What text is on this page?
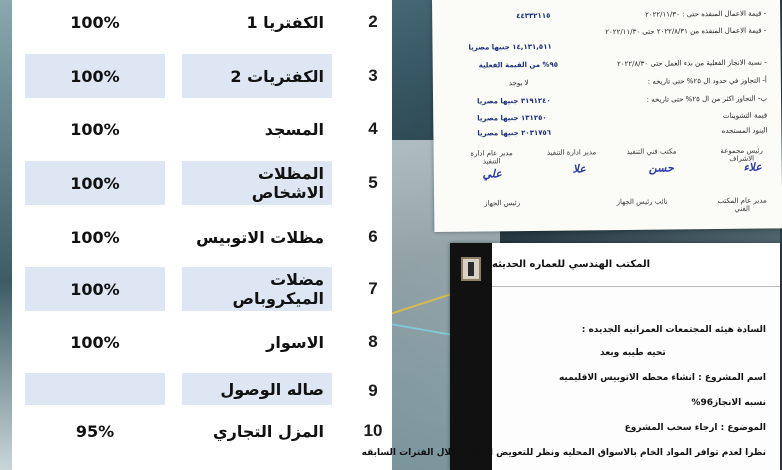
2
الكفتريا 1
100%
3
الكفتريات 2
100%
4
المسجد
100%
5
المظلات الاشخاص
100%
6
مظلات الاتوبيس
100%
7
مضلات الميكروباص
100%
8
الاسوار
100%
9
صاله الوصول
10
المزل التجاري
95%
- قيمة الاعمال المنفذه حتى : ٢٠٢٢/١١/٣٠
٤٤٣٣٢١١٥
- قيمة الاعمال المنفذه من ٢٠٢٢/٨/٣١ حتى ٢٠٢٢/١١/٣٠
١٤,١٣١,٥١١ جنيها مصريا
- نسبة الانجاز الفعلية من بدء العمل حتى ٢٠٢٢/٨/٣٠
٩٥% من القيمة الفعلية
أ- التجاوز في حدود ال ٢٥% حتى تاريخه :
لا يوجد
ب- التجاوز اكثر من ال ٢٥% حتى تاريخه :
٣١٩١٢٤٠ جنيها مصريا
قيمة التشوينات
١٣١٢٥٠ جنيها مصريا
البنود المستجده
٢٠٣١٧٥٦ جنيها مصريا
رئيس مجموعة الاشراف
مكتب فني التنفيذ
مدير ادارة التنفيذ
مدير عام ادارة التنفيذ	علاء
حسن
علا
علي
مدير عام المكتب الفني
نائب رئيس الجهاز
رئيس الجهاز
المكتب الهندسي للعماره الحديثه
السادة هيئه المجتمعات العمرانيه الجديده :
تحيه طيبه وبعد
اسم المشروع : انشاء محطه الاتوبيس الاقليميه
نسبه الانجاز96%
الموضوع : ارجاء سحب المشروع
نظرا لعدم توافر المواد الخام بالاسواق المحليه ونظر للتعويض المتكرر خلال الفترات السابقه
